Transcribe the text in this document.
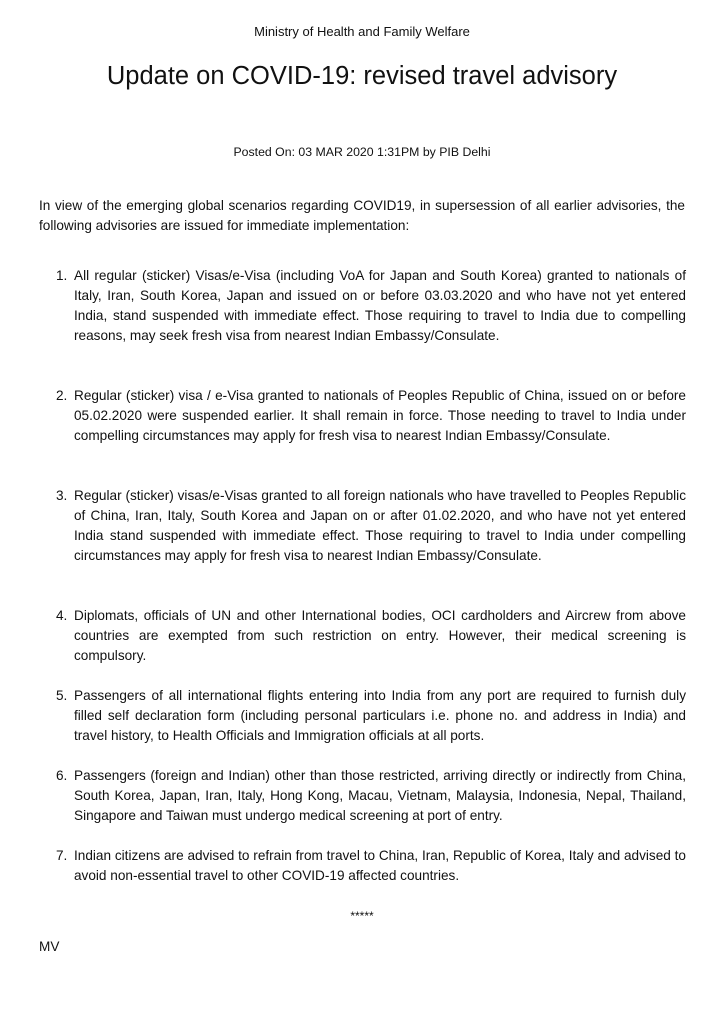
Ministry of Health and Family Welfare
Update on COVID-19: revised travel advisory
Posted On: 03 MAR 2020 1:31PM by PIB Delhi

In view of the emerging global scenarios regarding COVID19, in supersession of all earlier advisories, the following advisories are issued for immediate implementation:

1. All regular (sticker) Visas/e-Visa (including VoA for Japan and South Korea) granted to nationals of Italy, Iran, South Korea, Japan and issued on or before 03.03.2020 and who have not yet entered India, stand suspended with immediate effect. Those requiring to travel to India due to compelling reasons, may seek fresh visa from nearest Indian Embassy/Consulate.
2. Regular (sticker) visa / e-Visa granted to nationals of Peoples Republic of China, issued on or before 05.02.2020 were suspended earlier. It shall remain in force. Those needing to travel to India under compelling circumstances may apply for fresh visa to nearest Indian Embassy/Consulate.
3. Regular (sticker) visas/e-Visas granted to all foreign nationals who have travelled to Peoples Republic of China, Iran, Italy, South Korea and Japan on or after 01.02.2020, and who have not yet entered India stand suspended with immediate effect. Those requiring to travel to India under compelling circumstances may apply for fresh visa to nearest Indian Embassy/Consulate.
4. Diplomats, officials of UN and other International bodies, OCI cardholders and Aircrew from above countries are exempted from such restriction on entry. However, their medical screening is compulsory.
5. Passengers of all international flights entering into India from any port are required to furnish duly filled self declaration form (including personal particulars i.e. phone no. and address in India) and travel history, to Health Officials and Immigration officials at all ports.
6. Passengers (foreign and Indian) other than those restricted, arriving directly or indirectly from China, South Korea, Japan, Iran, Italy, Hong Kong, Macau, Vietnam, Malaysia, Indonesia, Nepal, Thailand, Singapore and Taiwan must undergo medical screening at port of entry.
7. Indian citizens are advised to refrain from travel to China, Iran, Republic of Korea, Italy and advised to avoid non-essential travel to other COVID-19 affected countries.
*****
MV
